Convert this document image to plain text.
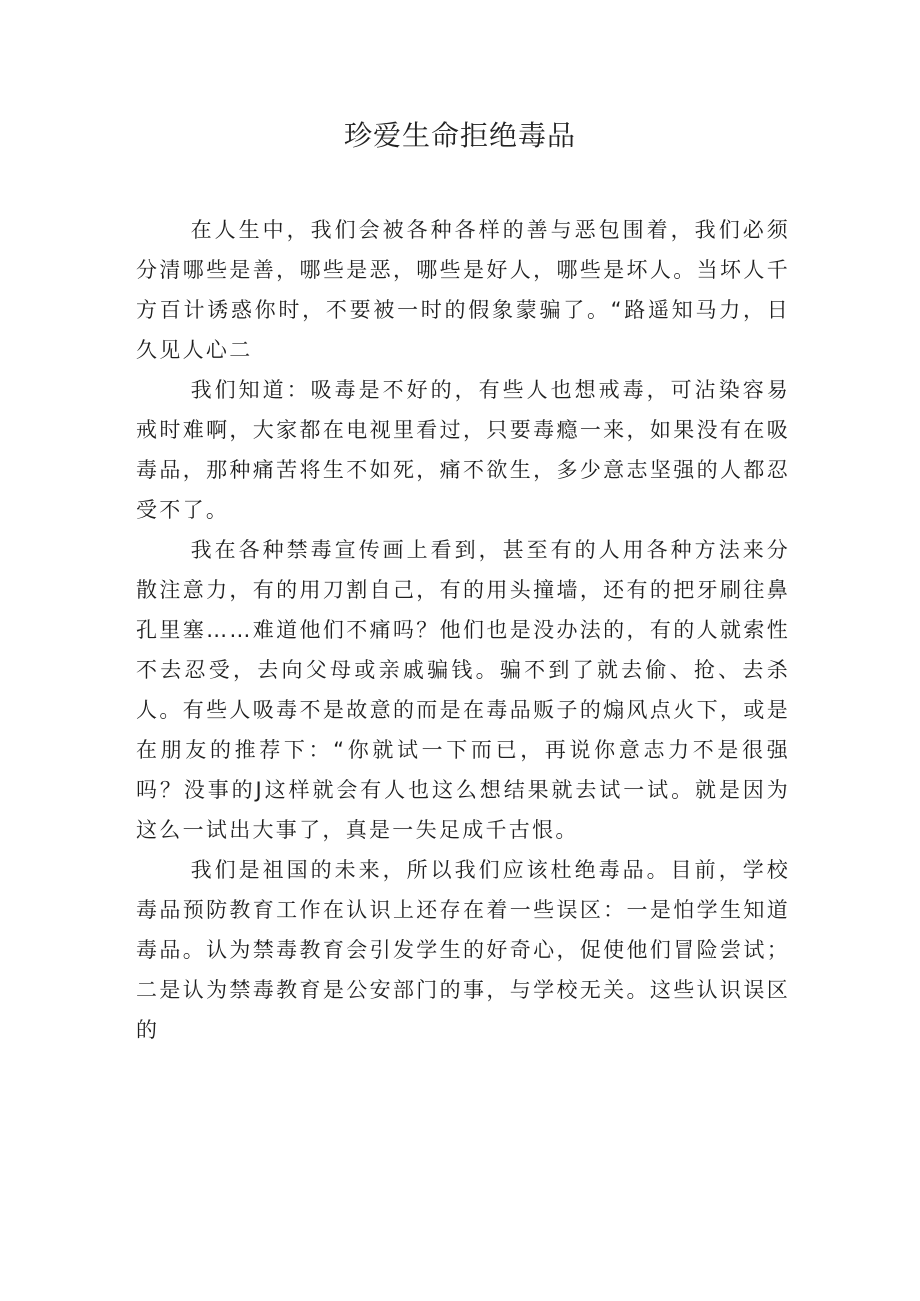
珍爱生命拒绝毒品

在人生中，我们会被各种各样的善与恶包围着，我们必须分清哪些是善，哪些是恶，哪些是好人，哪些是坏人。当坏人千方百计诱惑你时，不要被一时的假象蒙骗了。“路遥知马力，日久见人心二

我们知道：吸毒是不好的，有些人也想戒毒，可沾染容易戒时难啊，大家都在电视里看过，只要毒瘾一来，如果没有在吸毒品，那种痛苦将生不如死，痛不欲生，多少意志坚强的人都忍受不了。

我在各种禁毒宣传画上看到，甚至有的人用各种方法来分散注意力，有的用刀割自己，有的用头撞墙，还有的把牙刷往鼻孔里塞……难道他们不痛吗？他们也是没办法的，有的人就索性不去忍受，去向父母或亲戚骗钱。骗不到了就去偷、抢、去杀人。有些人吸毒不是故意的而是在毒品贩子的煽风点火下，或是在朋友的推荐下：“你就试一下而已，再说你意志力不是很强吗？没事的J这样就会有人也这么想结果就去试一试。就是因为这么一试出大事了，真是一失足成千古恨。

我们是祖国的未来，所以我们应该杜绝毒品。目前，学校毒品预防教育工作在认识上还存在着一些误区：一是怕学生知道毒品。认为禁毒教育会引发学生的好奇心，促使他们冒险尝试；二是认为禁毒教育是公安部门的事，与学校无关。这些认识误区的
